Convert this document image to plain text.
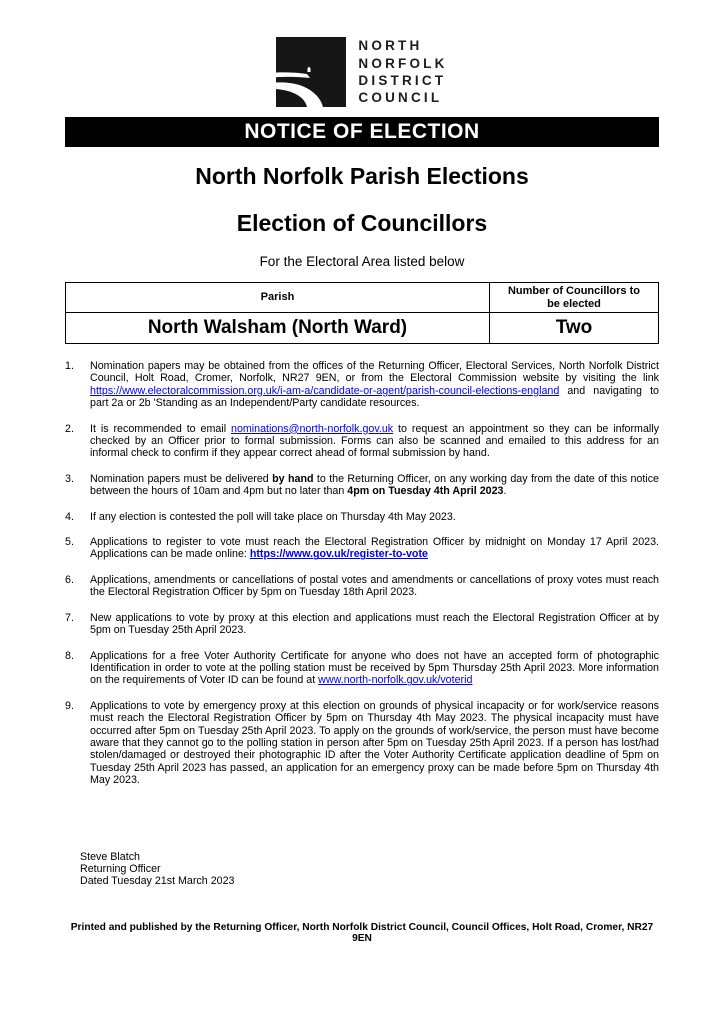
NORTH
NORFOLK
DISTRICT
COUNCIL
NOTICE OF ELECTION
North Norfolk Parish Elections
Election of Councillors
For the Electoral Area listed below
Parish	Number of Councillors to be elected
North Walsham (North Ward)	Two
1.	Nomination papers may be obtained from the offices of the Returning Officer, Electoral Services, North Norfolk District Council, Holt Road, Cromer, Norfolk, NR27 9EN, or from the Electoral Commission website by visiting the link https://www.electoralcommission.org.uk/i-am-a/candidate-or-agent/parish-council-elections-england and navigating to part 2a or 2b 'Standing as an Independent/Party candidate resources.
2.	It is recommended to email nominations@north-norfolk.gov.uk to request an appointment so they can be informally checked by an Officer prior to formal submission. Forms can also be scanned and emailed to this address for an informal check to confirm if they appear correct ahead of formal submission by hand.
3.	Nomination papers must be delivered by hand to the Returning Officer, on any working day from the date of this notice between the hours of 10am and 4pm but no later than 4pm on Tuesday 4th April 2023.
4.	If any election is contested the poll will take place on Thursday 4th May 2023.
5.	Applications to register to vote must reach the Electoral Registration Officer by midnight on Monday 17 April 2023. Applications can be made online: https://www.gov.uk/register-to-vote
6.	Applications, amendments or cancellations of postal votes and amendments or cancellations of proxy votes must reach the Electoral Registration Officer by 5pm on Tuesday 18th April 2023.
7.	New applications to vote by proxy at this election and applications must reach the Electoral Registration Officer at by 5pm on Tuesday 25th April 2023.
8.	Applications for a free Voter Authority Certificate for anyone who does not have an accepted form of photographic Identification in order to vote at the polling station must be received by 5pm Thursday 25th April 2023. More information on the requirements of Voter ID can be found at www.north-norfolk.gov.uk/voterid
9.	Applications to vote by emergency proxy at this election on grounds of physical incapacity or for work/service reasons must reach the Electoral Registration Officer by 5pm on Thursday 4th May 2023. The physical incapacity must have occurred after 5pm on Tuesday 25th April 2023. To apply on the grounds of work/service, the person must have become aware that they cannot go to the polling station in person after 5pm on Tuesday 25th April 2023. If a person has lost/had stolen/damaged or destroyed their photographic ID after the Voter Authority Certificate application deadline of 5pm on Tuesday 25th April 2023 has passed, an application for an emergency proxy can be made before 5pm on Thursday 4th May 2023.
Steve Blatch
Returning Officer
Dated Tuesday 21st March 2023
Printed and published by the Returning Officer, North Norfolk District Council, Council Offices, Holt Road, Cromer, NR27 9EN
